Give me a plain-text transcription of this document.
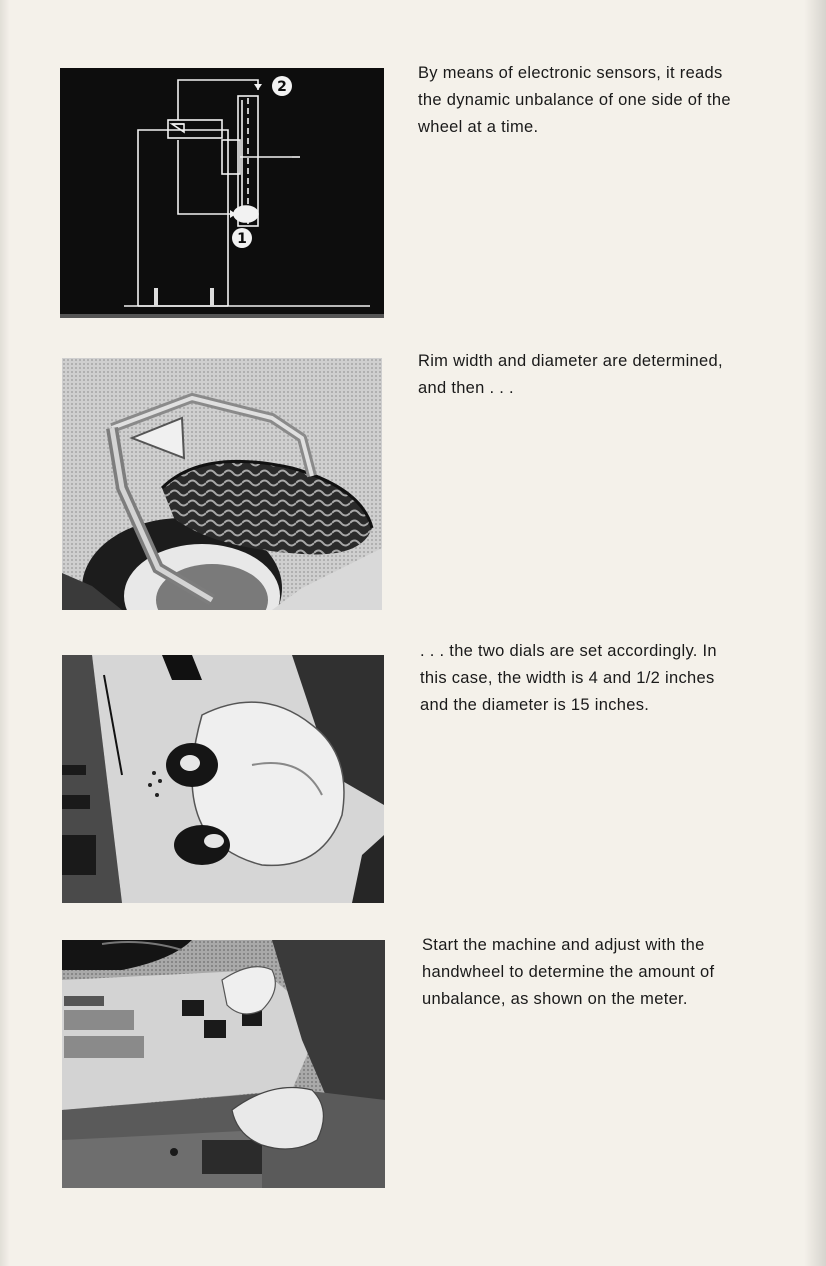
2
1
By means of electronic sensors, it reads
the dynamic unbalance of one side of the
wheel at a time.
Rim width and diameter are determined,
and then . . .
. . . the two dials are set accordingly. In
this case, the width is 4 and 1/2 inches
and the diameter is 15 inches.
Start the machine and adjust with the
handwheel to determine the amount of
unbalance, as shown on the meter.
